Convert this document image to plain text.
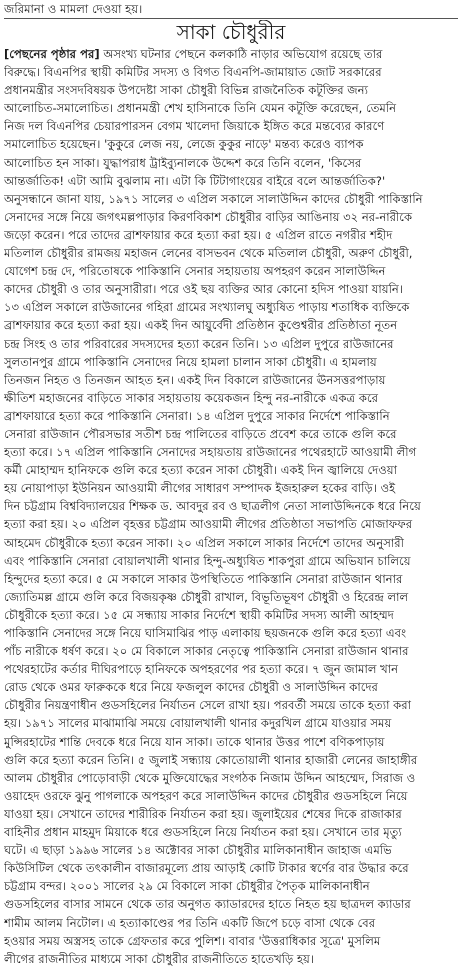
জরিমানা ও মামলা দেওয়া হয়।
সাকা চৌধুরীর
[পেছনের পৃষ্ঠার পর] অসংখ্য ঘটনার পেছনে কলকাঠি নাড়ার অভিযোগ রয়েছে তার
বিরুদ্ধে। বিএনপির স্থায়ী কমিটির সদস্য ও বিগত বিএনপি-জামায়াত জোট সরকারের
প্রধানমন্ত্রীর সংসদবিষয়ক উপদেষ্টা সাকা চৌধুরী বিভিন্ন রাজনৈতিক কটূক্তির জন্য
আলোচিত-সমালোচিত। প্রধানমন্ত্রী শেখ হাসিনাকে তিনি যেমন কটূক্তি করেছেন, তেমনি
নিজ দল বিএনপির চেয়ারপারসন বেগম খালেদা জিয়াকে ইঙ্গিত করে মন্তব্যের কারণে
সমালোচিত হয়েছেন। 'কুকুরে লেজ নয়, লেজে কুকুর নাড়ে' মন্তব্য করেও ব্যাপক
আলোচিত হন সাকা। যুদ্ধাপরাধ ট্রাইব্যুনালকে উদ্দেশ করে তিনি বলেন, 'কিসের
আন্তর্জাতিক! এটা আমি বুঝলাম না। এটা কি টিটাগাংয়ের বাইরে বলে আন্তর্জাতিক?'
অনুসন্ধানে জানা যায়, ১৯৭১ সালের ৩ এপ্রিল সকালে সালাউদ্দিন কাদের চৌধুরী পাকিস্তানি
সেনাদের সঙ্গে নিয়ে জগৎমল্লপাড়ার কিরণবিকাশ চৌধুরীর বাড়ির আঙিনায় ৩২ নর-নারীকে
জড়ো করেন। পরে তাদের ব্রাশফায়ার করে হত্যা করা হয়। ৫ এপ্রিল রাতে নগরীর শহীদ
মতিলাল চৌধুরীর রামজয় মহাজন লেনের বাসভবন থেকে মতিলাল চৌধুরী, অরুণ চৌধুরী,
যোগেশ চন্দ্র দে, পরিতোষকে পাকিস্তানি সেনার সহায়তায় অপহরণ করেন সালাউদ্দিন
কাদের চৌধুরী ও তার অনুসারীরা। পরে ওই ছয় ব্যক্তির আর কোনো হদিস পাওয়া যায়নি।
১৩ এপ্রিল সকালে রাউজানের গহিরা গ্রামের সংখ্যালঘু অধ্যুষিত পাড়ায় শতাধিক ব্যক্তিকে
ব্রাশফায়ার করে হত্যা করা হয়। একই দিন আয়ুর্বেদী প্রতিষ্ঠান কুণ্ডেশ্বরীর প্রতিষ্ঠাতা নূতন
চন্দ্র সিংহ ও তার পরিবারের সদস্যদের হত্যা করেন তিনি। ১৩ এপ্রিল দুপুরে রাউজানের
সুলতানপুর গ্রামে পাকিস্তানি সেনাদের নিয়ে হামলা চালান সাকা চৌধুরী। এ হামলায়
তিনজন নিহত ও তিনজন আহত হন। একই দিন বিকালে রাউজানের ঊনসত্তরপাড়ায়
ক্ষীতিশ মহাজনের বাড়িতে সাকার সহায়তায় কয়েকজন হিন্দু নর-নারীকে একত্র করে
ব্রাশফায়ারে হত্যা করে পাকিস্তানি সেনারা। ১৪ এপ্রিল দুপুরে সাকার নির্দেশে পাকিস্তানি
সেনারা রাউজান পৌরসভার সতীশ চন্দ্র পালিতের বাড়িতে প্রবেশ করে তাকে গুলি করে
হত্যা করে। ১৭ এপ্রিল পাকিস্তানি সেনাদের সহায়তায় রাউজানের পথেরহাটে আওয়ামী লীগ
কর্মী মোহাম্মদ হানিফকে গুলি করে হত্যা করেন সাকা চৌধুরী। একই দিন জ্বালিয়ে দেওয়া
হয় নোয়াপাড়া ইউনিয়ন আওয়ামী লীগের সাধারণ সম্পাদক ইজহারুল হকের বাড়ি। ওই
দিন চট্টগ্রাম বিশ্ববিদ্যালয়ের শিক্ষক ড. আবদুর রব ও ছাত্রলীগ নেতা সালাউদ্দিনকে ধরে নিয়ে
হত্যা করা হয়। ২০ এপ্রিল বৃহত্তর চট্টগ্রাম আওয়ামী লীগের প্রতিষ্ঠাতা সভাপতি মোজাফফর
আহমেদ চৌধুরীকে হত্যা করেন সাকা। ২০ এপ্রিল সকালে সাকার নির্দেশে তাদের অনুসারী
এবং পাকিস্তানি সেনারা বোয়ালখালী থানার হিন্দু-অধ্যুষিত শাকপুরা গ্রামে অভিযান চালিয়ে
হিন্দুদের হত্যা করে। ৫ মে সকালে সাকার উপস্থিতিতে পাকিস্তানি সেনারা রাউজান থানার
জ্যোতিমল্ল গ্রামে গুলি করে বিজয়কৃষ্ণ চৌধুরী রাখাল, বিভূতিভূষণ চৌধুরী ও হিরেন্দ্র লাল
চৌধুরীকে হত্যা করে। ১৫ মে সন্ধ্যায় সাকার নির্দেশে স্থায়ী কমিটির সদস্য আলী আহম্মদ
পাকিস্তানি সেনাদের সঙ্গে নিয়ে ঘাসিমাঝির পাড় এলাকায় ছয়জনকে গুলি করে হত্যা এবং
পাঁচ নারীকে ধর্ষণ করে। ২০ মে বিকালে সাকার নেতৃত্বে পাকিস্তানি সেনারা রাউজান থানার
পথেরহাটের কর্তার দীঘিরপাড়ে হানিফকে অপহরণের পর হত্যা করে। ৭ জুন জামাল খান
রোড থেকে ওমর ফারুককে ধরে নিয়ে ফজলুল কাদের চৌধুরী ও সালাউদ্দিন কাদের
চৌধুরীর নিয়ন্ত্রণাধীন গুডসহিলের নির্যাতন সেলে রাখা হয়। পরবর্তী সময়ে তাকে হত্যা করা
হয়। ১৯৭১ সালের মাঝামাঝি সময়ে বোয়ালখালী থানার কদুরখিল গ্রামে যাওয়ার সময়
মুন্সিরহাটের শান্তি দেবকে ধরে নিয়ে যান সাকা। তাকে থানার উত্তর পাশে বণিকপাড়ায়
গুলি করে হত্যা করেন তিনি। ৫ জুলাই সন্ধ্যায় কোতোয়ালী থানার হাজারী লেনের জাহাঙ্গীর
আলম চৌধুরীর পোড়োবাড়ী থেকে মুক্তিযোদ্ধের সংগঠক নিজাম উদ্দিন আহম্মেদ, সিরাজ ও
ওয়াহেদ ওরফে ঝুনু পাগলাকে অপহরণ করে সালাউদ্দিন কাদের চৌধুরীর গুডসহিলে নিয়ে
যাওয়া হয়। সেখানে তাদের শারীরিক নির্যাতন করা হয়। জুলাইয়ের শেষের দিকে রাজাকার
বাহিনীর প্রধান মাহমুদ মিয়াকে ধরে গুডসহিলে নিয়ে নির্যাতন করা হয়। সেখানে তার মৃত্যু
ঘটে। এ ছাড়া ১৯৯৬ সালের ১৪ অক্টোবর সাকা চৌধুরীর মালিকানাধীন জাহাজ এমভি
কিউসিটিল থেকে তৎকালীন বাজারমূল্যে প্রায় আড়াই কোটি টাকার স্বর্ণের বার উদ্ধার করে
চট্টগ্রাম বন্দর। ২০০১ সালের ২৯ মে বিকালে সাকা চৌধুরীর পৈতৃক মালিকানাধীন
গুডসহিলের বাসার সামনে থেকে তার অনুগত ক্যাডারদের হাতে নিহত হয় ছাত্রদল ক্যাডার
শামীম আলম নিটোল। এ হত্যাকাণ্ডের পর তিনি একটি জিপে চড়ে বাসা থেকে বের
হওয়ার সময় অস্ত্রসহ তাকে গ্রেফতার করে পুলিশ। বাবার 'উত্তরাধিকার সূত্রে' মুসলিম
লীগের রাজনীতির মাধ্যমে সাকা চৌধুরীর রাজনীতিতে হাতেখড়ি হয়।
